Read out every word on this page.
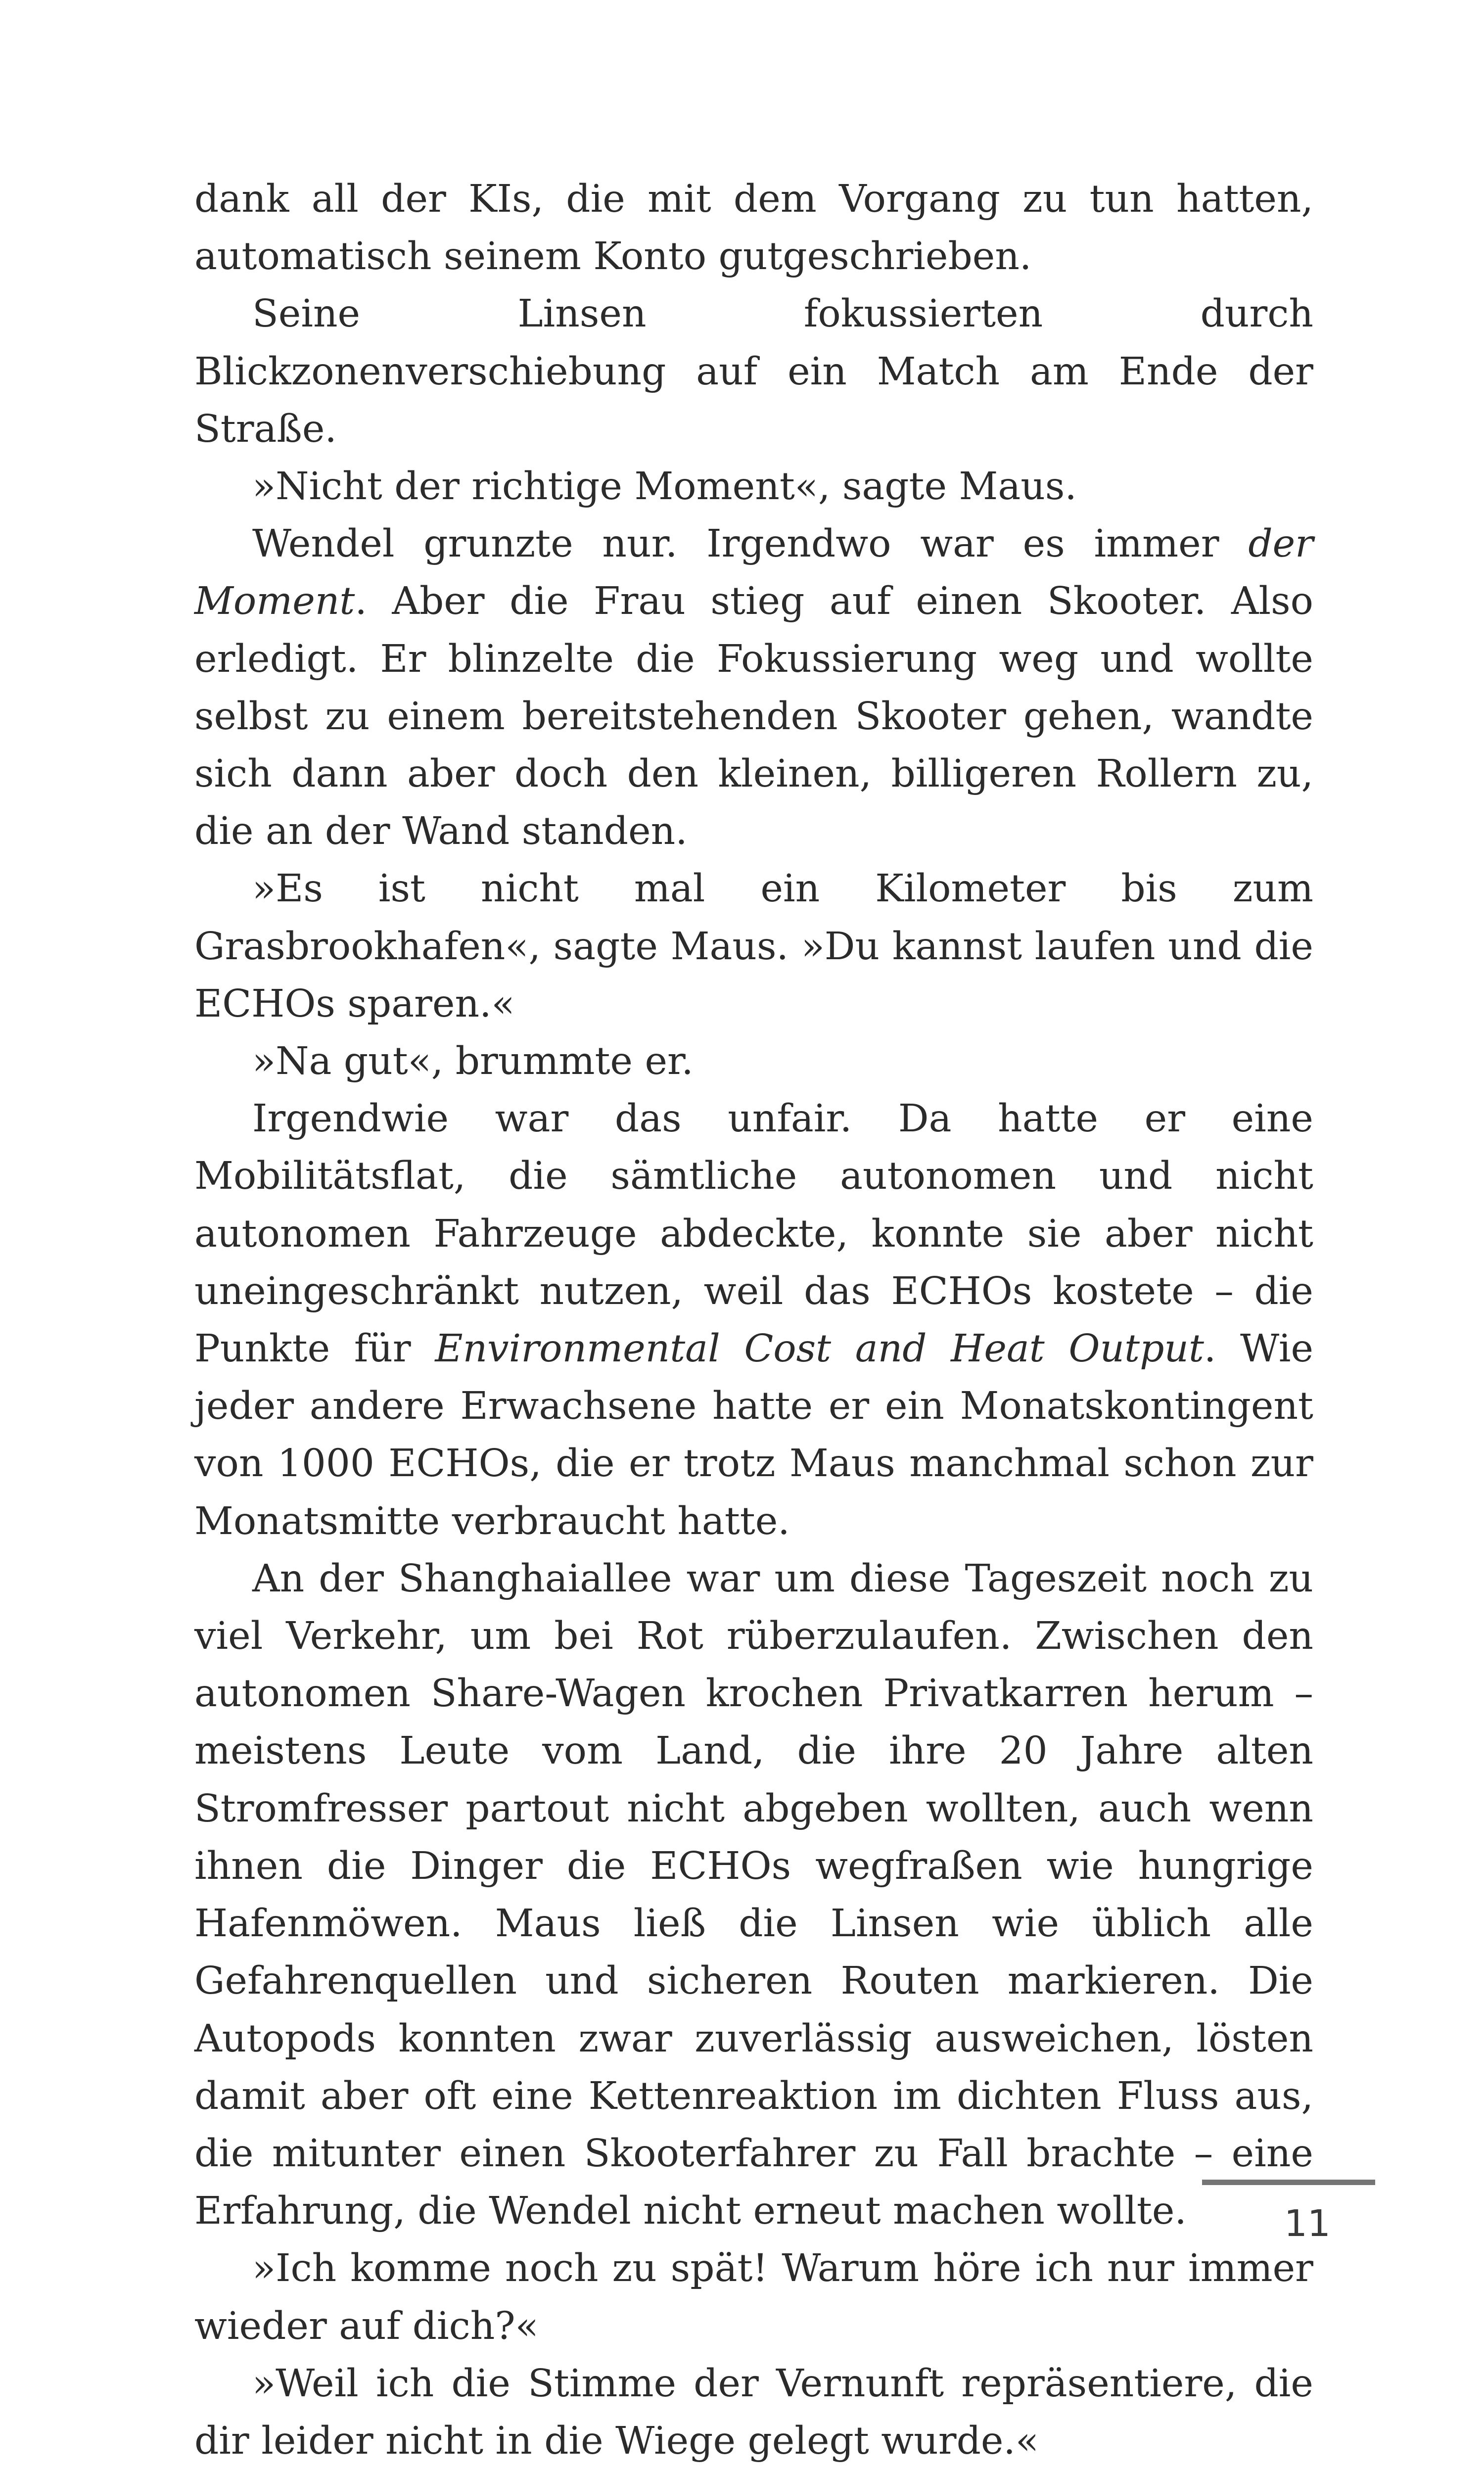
dank all der KIs, die mit dem Vorgang zu tun hatten, automatisch seinem Konto gutgeschrieben.

Seine Linsen fokussierten durch Blickzonenverschiebung auf ein Match am Ende der Straße.

»Nicht der richtige Moment«, sagte Maus.

Wendel grunzte nur. Irgendwo war es immer der Moment. Aber die Frau stieg auf einen Skooter. Also erledigt. Er blinzelte die Fokussierung weg und wollte selbst zu einem bereitstehenden Skooter gehen, wandte sich dann aber doch den kleinen, billigeren Rollern zu, die an der Wand standen.

»Es ist nicht mal ein Kilometer bis zum Grasbrookhafen«, sagte Maus. »Du kannst laufen und die ECHOs sparen.«

»Na gut«, brummte er.

Irgendwie war das unfair. Da hatte er eine Mobilitätsflat, die sämtliche autonomen und nicht autonomen Fahrzeuge abdeckte, konnte sie aber nicht uneingeschränkt nutzen, weil das ECHOs kostete – die Punkte für Environmental Cost and Heat Output. Wie jeder andere Erwachsene hatte er ein Monatskontingent von 1000 ECHOs, die er trotz Maus manchmal schon zur Monatsmitte verbraucht hatte.

An der Shanghaiallee war um diese Tageszeit noch zu viel Verkehr, um bei Rot rüberzulaufen. Zwischen den autonomen Share-Wagen krochen Privatkarren herum – meistens Leute vom Land, die ihre 20 Jahre alten Stromfresser partout nicht abgeben wollten, auch wenn ihnen die Dinger die ECHOs wegfraßen wie hungrige Hafenmöwen. Maus ließ die Linsen wie üblich alle Gefahrenquellen und sicheren Routen markieren. Die Autopods konnten zwar zuverlässig ausweichen, lösten damit aber oft eine Kettenreaktion im dichten Fluss aus, die mitunter einen Skooterfahrer zu Fall brachte – eine Erfahrung, die Wendel nicht erneut machen wollte.

»Ich komme noch zu spät! Warum höre ich nur immer wieder auf dich?«

»Weil ich die Stimme der Vernunft repräsentiere, die dir leider nicht in die Wiege gelegt wurde.«

11
